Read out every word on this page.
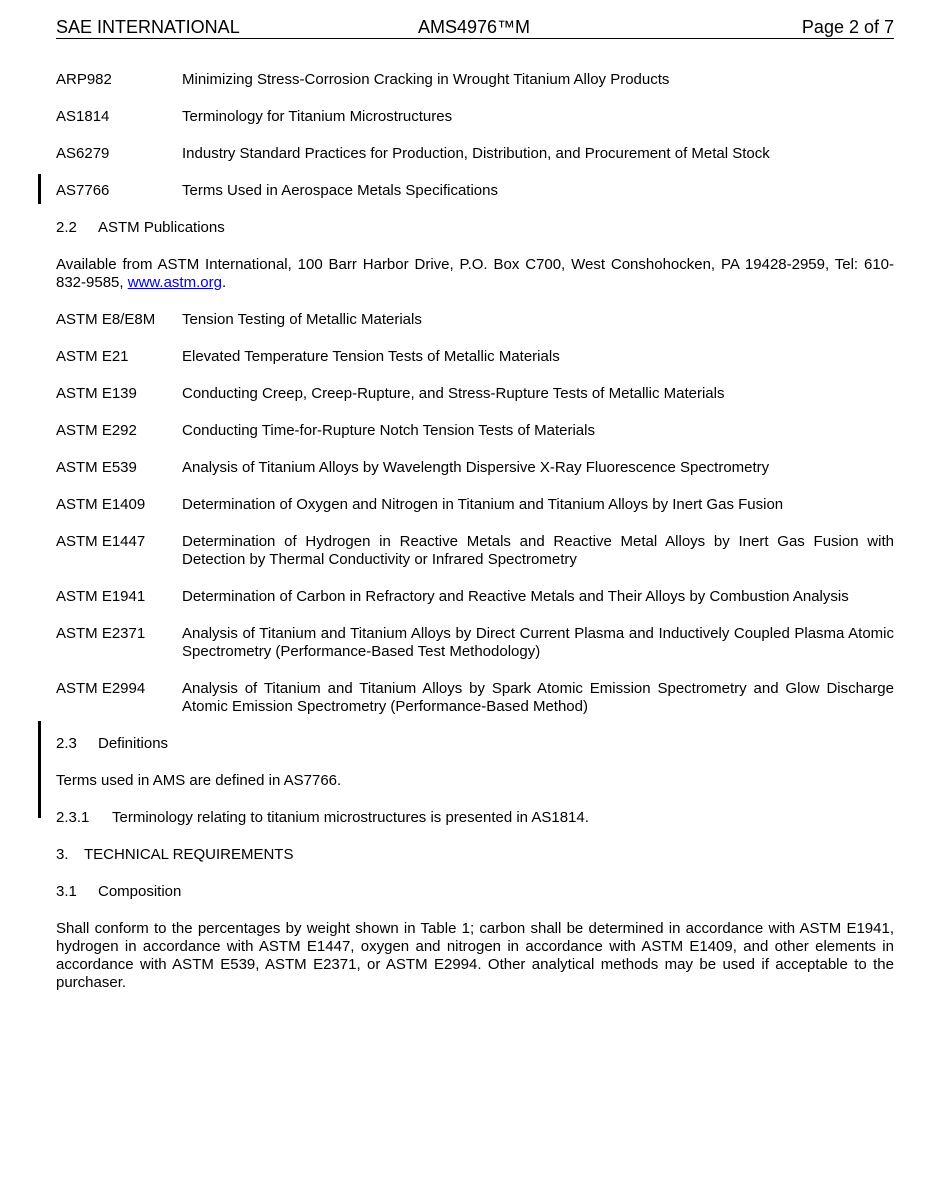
SAE INTERNATIONAL	AMS4976™M	Page 2 of 7
ARP982	Minimizing Stress-Corrosion Cracking in Wrought Titanium Alloy Products
AS1814	Terminology for Titanium Microstructures
AS6279	Industry Standard Practices for Production, Distribution, and Procurement of Metal Stock
AS7766	Terms Used in Aerospace Metals Specifications
2.2 ASTM Publications
Available from ASTM International, 100 Barr Harbor Drive, P.O. Box C700, West Conshohocken, PA 19428-2959, Tel: 610-832-9585, www.astm.org.
ASTM E8/E8M	Tension Testing of Metallic Materials
ASTM E21	Elevated Temperature Tension Tests of Metallic Materials
ASTM E139	Conducting Creep, Creep-Rupture, and Stress-Rupture Tests of Metallic Materials
ASTM E292	Conducting Time-for-Rupture Notch Tension Tests of Materials
ASTM E539	Analysis of Titanium Alloys by Wavelength Dispersive X-Ray Fluorescence Spectrometry
ASTM E1409	Determination of Oxygen and Nitrogen in Titanium and Titanium Alloys by Inert Gas Fusion
ASTM E1447	Determination of Hydrogen in Reactive Metals and Reactive Metal Alloys by Inert Gas Fusion with Detection by Thermal Conductivity or Infrared Spectrometry
ASTM E1941	Determination of Carbon in Refractory and Reactive Metals and Their Alloys by Combustion Analysis
ASTM E2371	Analysis of Titanium and Titanium Alloys by Direct Current Plasma and Inductively Coupled Plasma Atomic Spectrometry (Performance-Based Test Methodology)
ASTM E2994	Analysis of Titanium and Titanium Alloys by Spark Atomic Emission Spectrometry and Glow Discharge Atomic Emission Spectrometry (Performance-Based Method)
2.3 Definitions
Terms used in AMS are defined in AS7766.
2.3.1 Terminology relating to titanium microstructures is presented in AS1814.
3. TECHNICAL REQUIREMENTS
3.1 Composition
Shall conform to the percentages by weight shown in Table 1; carbon shall be determined in accordance with ASTM E1941, hydrogen in accordance with ASTM E1447, oxygen and nitrogen in accordance with ASTM E1409, and other elements in accordance with ASTM E539, ASTM E2371, or ASTM E2994. Other analytical methods may be used if acceptable to the purchaser.
